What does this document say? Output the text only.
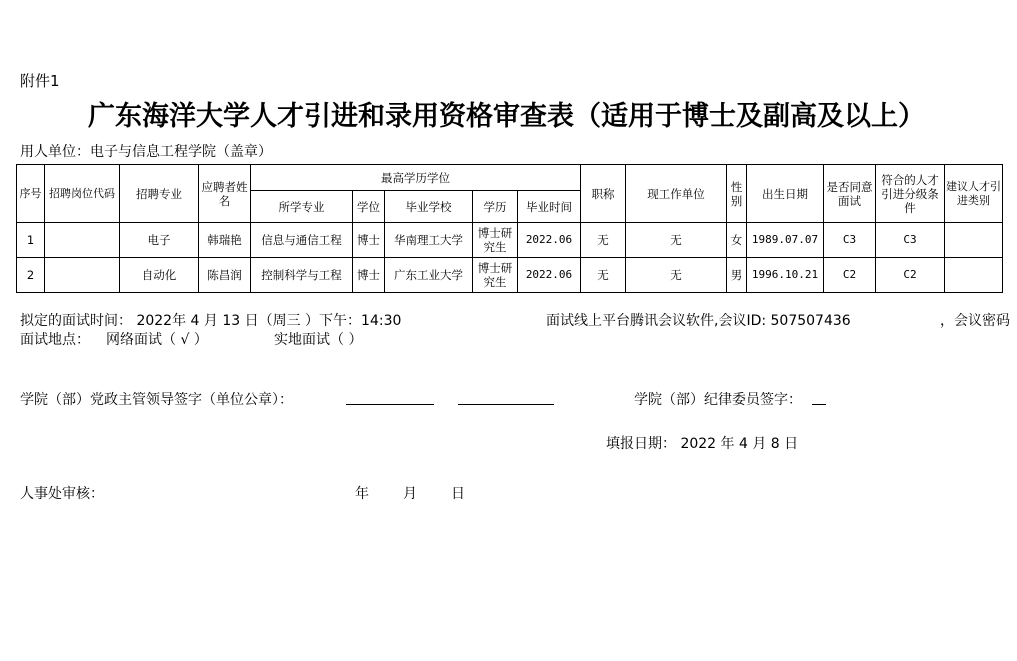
附件1
广东海洋大学人才引进和录用资格审查表（适用于博士及副高及以上）
用人单位：电子与信息工程学院（盖章）
序号	招聘岗位代码	招聘专业	应聘者姓名	最高学历学位					职称	现工作单位	性别	出生日期	是否同意面试	符合的人才引进分级条件	建议人才引进类别
				所学专业	学位	毕业学校	学历	毕业时间							
1		电子	韩瑞艳	信息与通信工程	博士	华南理工大学	博士研究生	2022.06	无	无	女	1989.07.07	C3	C3	
2		自动化	陈昌润	控制科学与工程	博士	广东工业大学	博士研究生	2022.06	无	无	男	1996.10.21	C2	C2	
拟定的面试时间： 2022年 4 月 13 日（周三 ）下午：14:30	面试线上平台腾讯会议软件,会议ID: 507507436	，会议密码
面试地点： 网络面试（ √ ）	实地面试（ ）
学院（部）党政主管领导签字（单位公章）：	学院（部）纪律委员签字：
填报日期： 2022 年 4 月 8 日
人事处审核：	年 月 日
